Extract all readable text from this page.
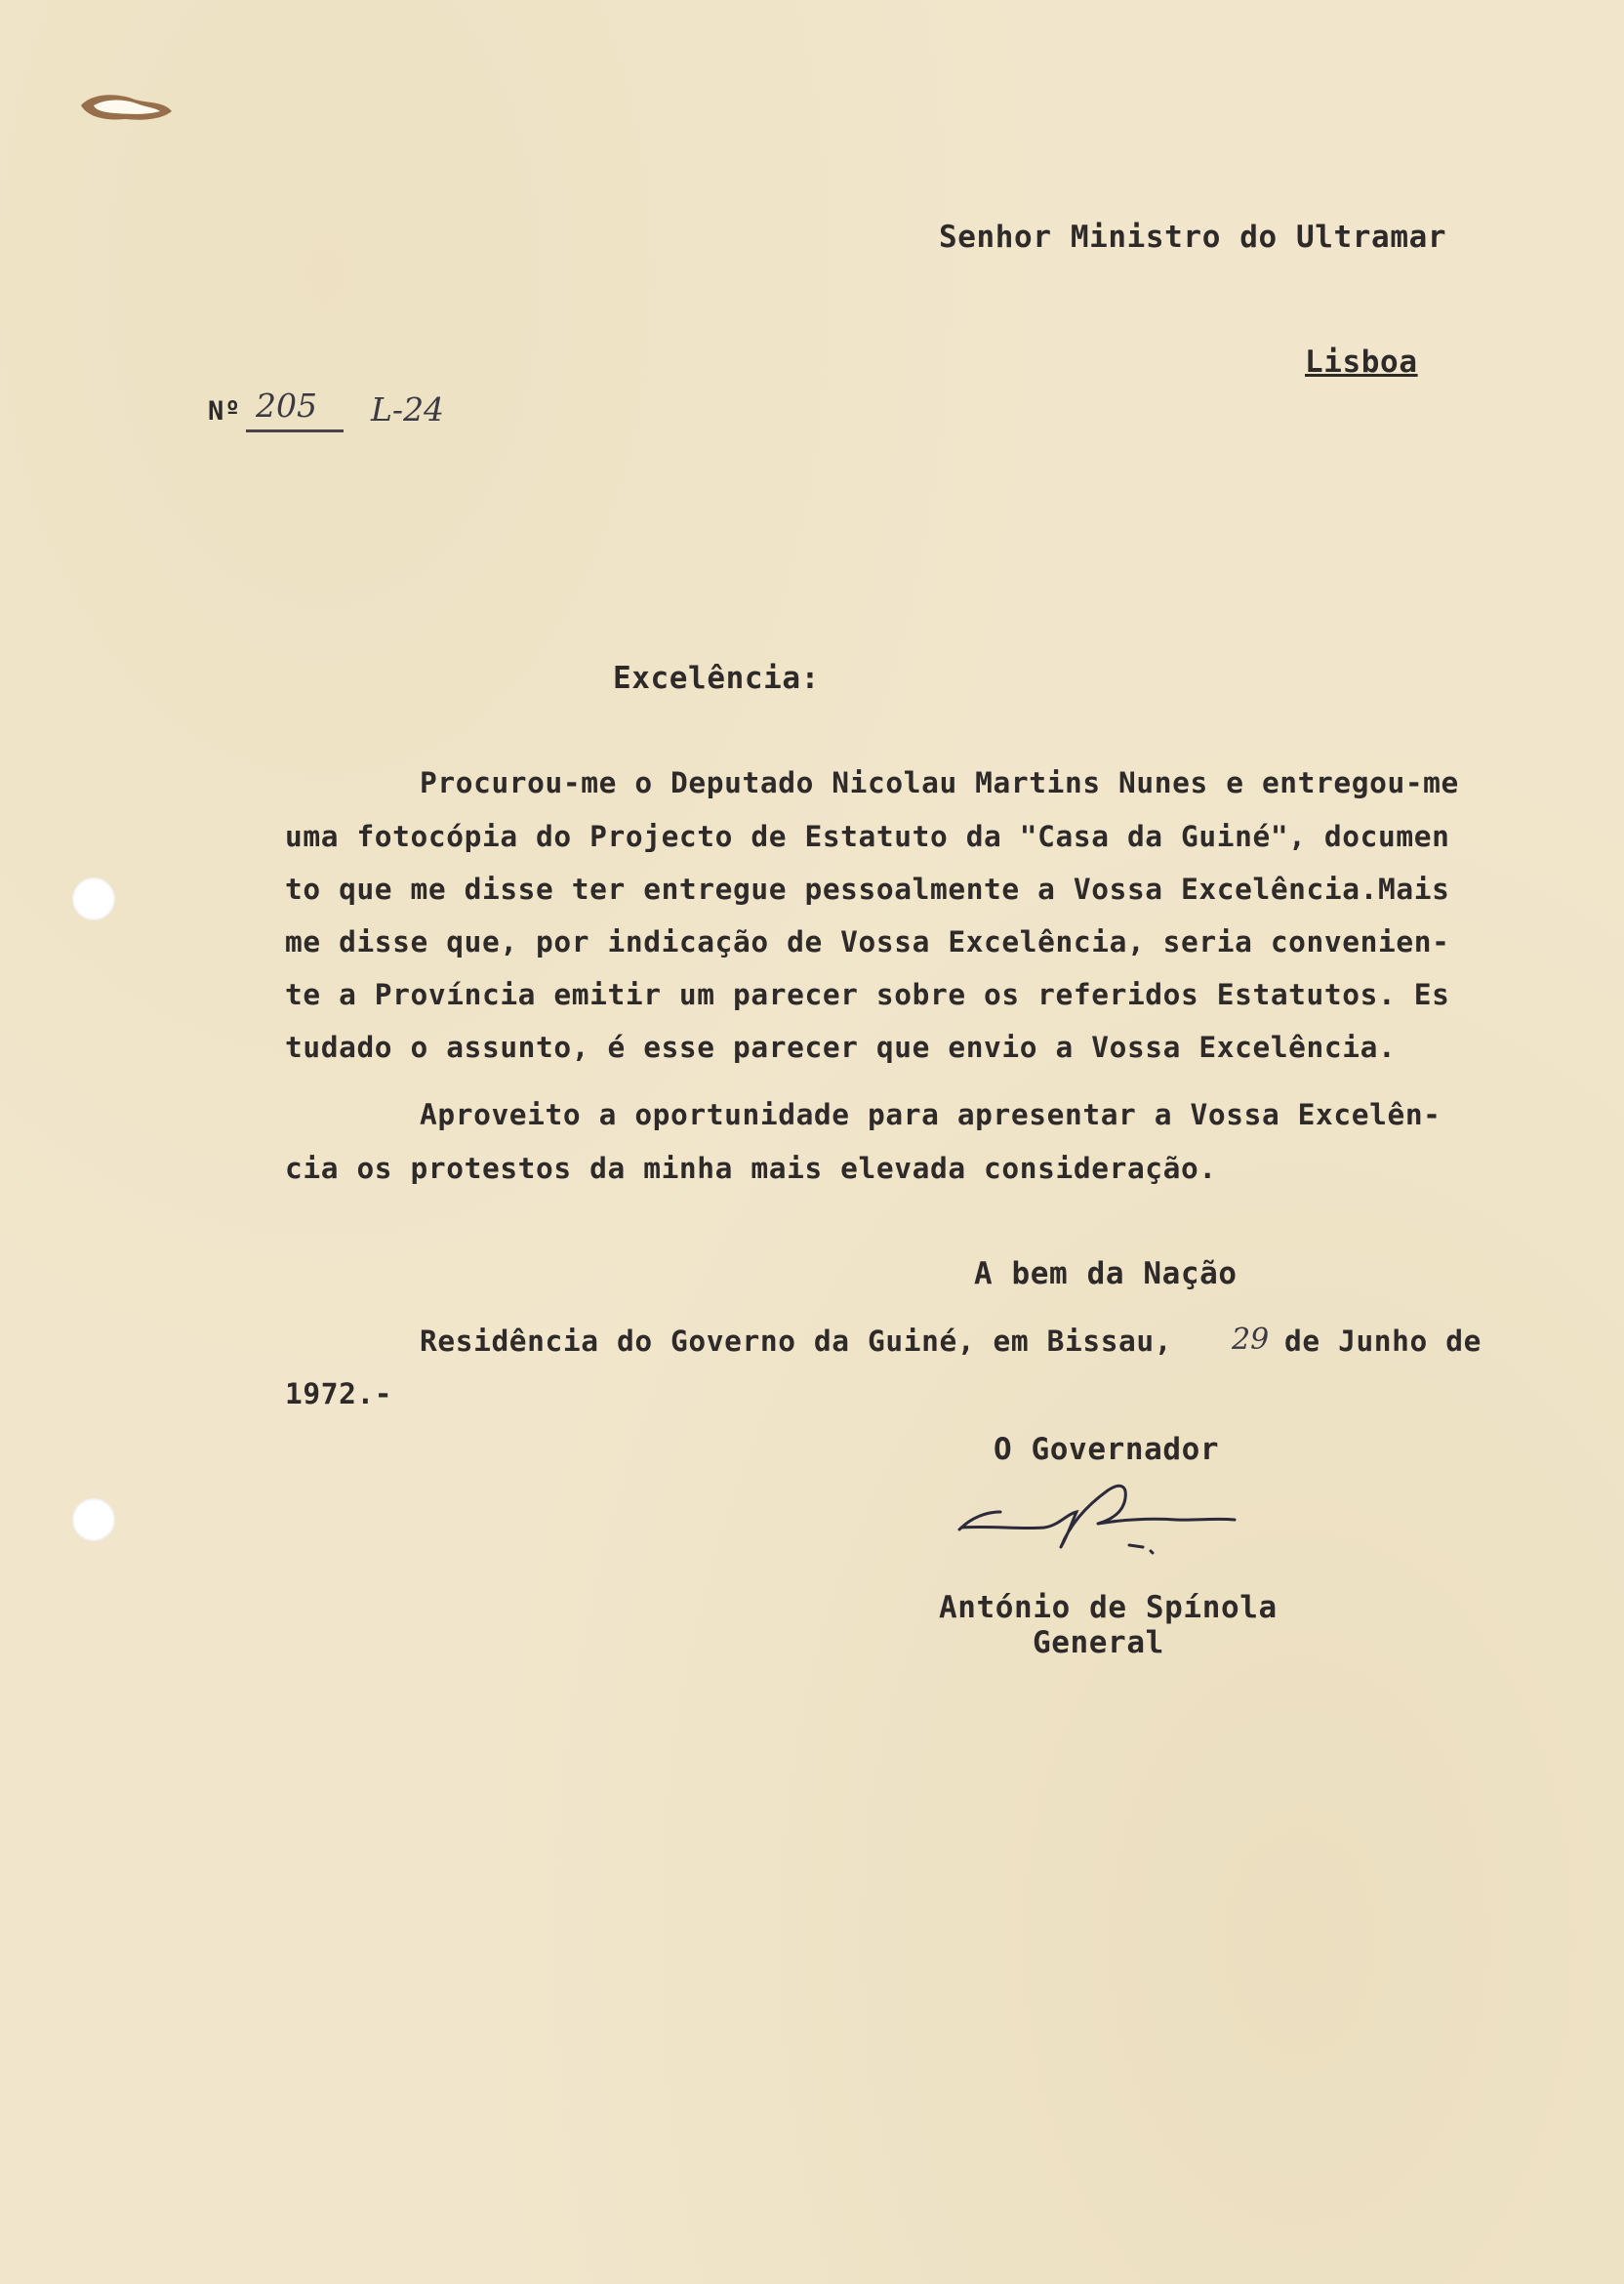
Senhor Ministro do Ultramar
Lisboa
Nº 205 L-24
Excelência:
Procurou-me o Deputado Nicolau Martins Nunes e entregou-me
uma fotocópia do Projecto de Estatuto da "Casa da Guiné", documen
to que me disse ter entregue pessoalmente a Vossa Excelência.Mais
me disse que, por indicação de Vossa Excelência, seria convenien-
te a Província emitir um parecer sobre os referidos Estatutos. Es
tudado o assunto, é esse parecer que envio a Vossa Excelência.
Aproveito a oportunidade para apresentar a Vossa Excelên-
cia os protestos da minha mais elevada consideração.
A bem da Nação
Residência do Governo da Guiné, em Bissau, 29 de Junho de
1972.-
O Governador
António de Spínola
General
